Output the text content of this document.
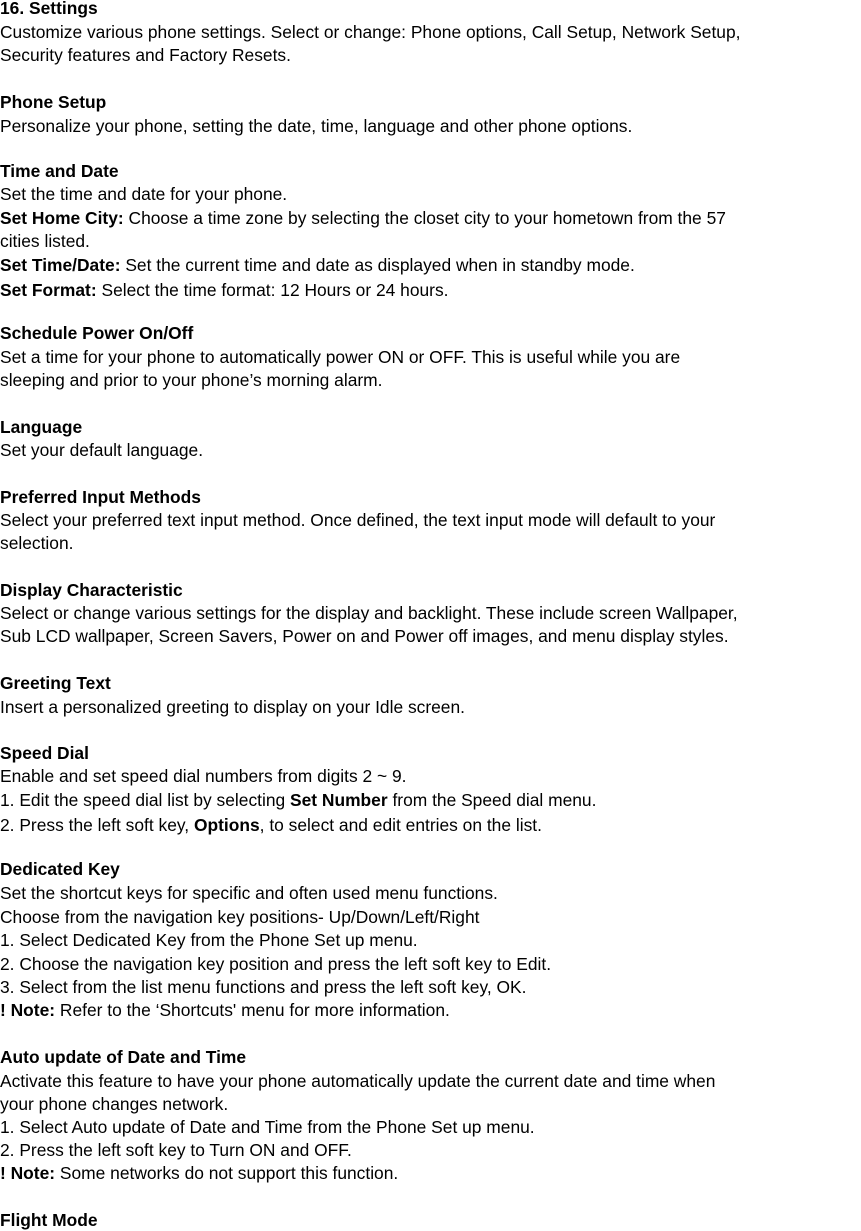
16. Settings
Customize various phone settings. Select or change: Phone options, Call Setup, Network Setup,
Security features and Factory Resets.
Phone Setup
Personalize your phone, setting the date, time, language and other phone options.
Time and Date
Set the time and date for your phone.
Set Home City: Choose a time zone by selecting the closet city to your hometown from the 57
cities listed.
Set Time/Date: Set the current time and date as displayed when in standby mode.
Set Format: Select the time format: 12 Hours or 24 hours.
Schedule Power On/Off
Set a time for your phone to automatically power ON or OFF. This is useful while you are
sleeping and prior to your phone’s morning alarm.
Language
Set your default language.
Preferred Input Methods
Select your preferred text input method. Once defined, the text input mode will default to your
selection.
Display Characteristic
Select or change various settings for the display and backlight. These include screen Wallpaper,
Sub LCD wallpaper, Screen Savers, Power on and Power off images, and menu display styles.
Greeting Text
Insert a personalized greeting to display on your Idle screen.
Speed Dial
Enable and set speed dial numbers from digits 2 ~ 9.
1. Edit the speed dial list by selecting Set Number from the Speed dial menu.
2. Press the left soft key, Options, to select and edit entries on the list.
Dedicated Key
Set the shortcut keys for specific and often used menu functions.
Choose from the navigation key positions- Up/Down/Left/Right
1. Select Dedicated Key from the Phone Set up menu.
2. Choose the navigation key position and press the left soft key to Edit.
3. Select from the list menu functions and press the left soft key, OK.
! Note: Refer to the ‘Shortcuts' menu for more information.
Auto update of Date and Time
Activate this feature to have your phone automatically update the current date and time when
your phone changes network.
1. Select Auto update of Date and Time from the Phone Set up menu.
2. Press the left soft key to Turn ON and OFF.
! Note: Some networks do not support this function.
Flight Mode
